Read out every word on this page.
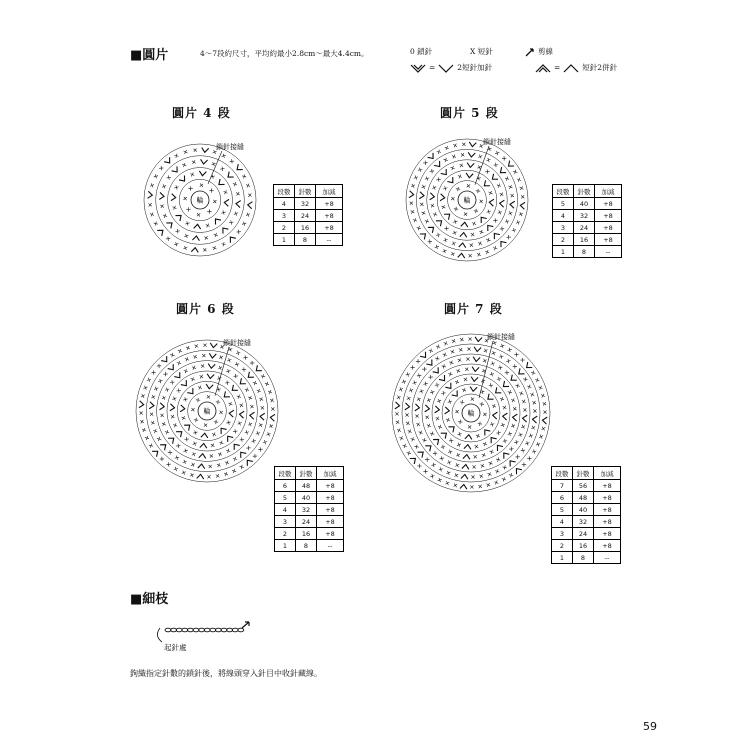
■圓片	4～7段約尺寸，平均約最小2.8cm～最大4.4cm。	0 鎖針	X 短針	剪線
=	2短針加針	=	短針2併針
圓片 4 段
輪
鎖針接縫
段數	針數	加減
4	32	+8
3	24	+8
2	16	+8
1	8	--
圓片 5 段
輪
鎖針接縫
段數	針數	加減
5	40	+8
4	32	+8
3	24	+8
2	16	+8
1	8	--
圓片 6 段
輪
鎖針接縫
段數	針數	加減
6	48	+8
5	40	+8
4	32	+8
3	24	+8
2	16	+8
1	8	--
圓片 7 段
輪
鎖針接縫
段數	針數	加減
7	56	+8
6	48	+8
5	40	+8
4	32	+8
3	24	+8
2	16	+8
1	8	--
■細枝
起針處
鉤織指定針數的鎖針後，將線頭穿入針目中收針藏線。
59
